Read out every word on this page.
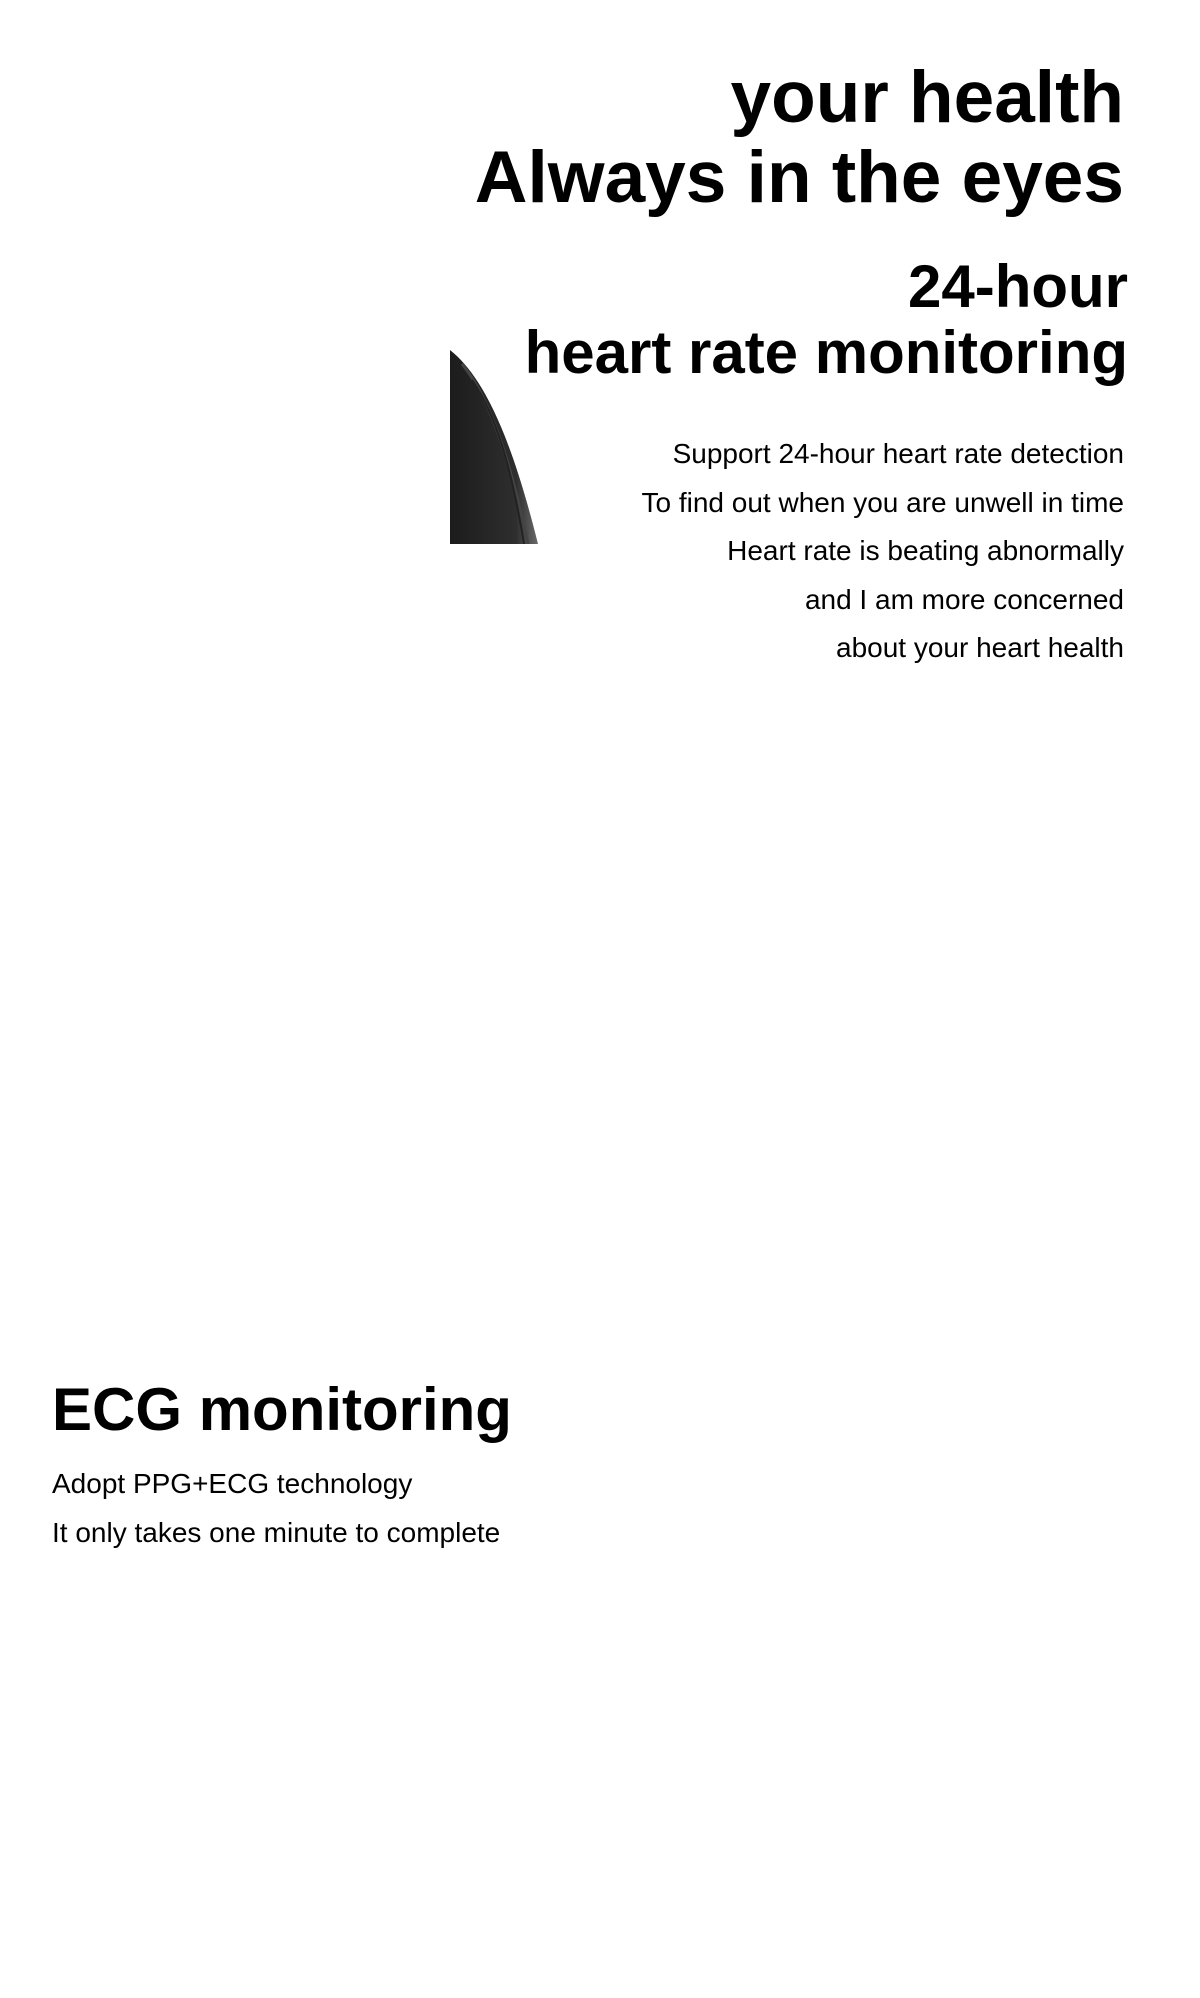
your health
Always in the eyes
24-hour
heart rate monitoring

Support 24-hour heart rate detection
To find out when you are unwell in time
Heart rate is beating abnormally
and I am more concerned
about your heart health

ECG monitoring

Adopt PPG+ECG technology
It only takes one minute to complete
